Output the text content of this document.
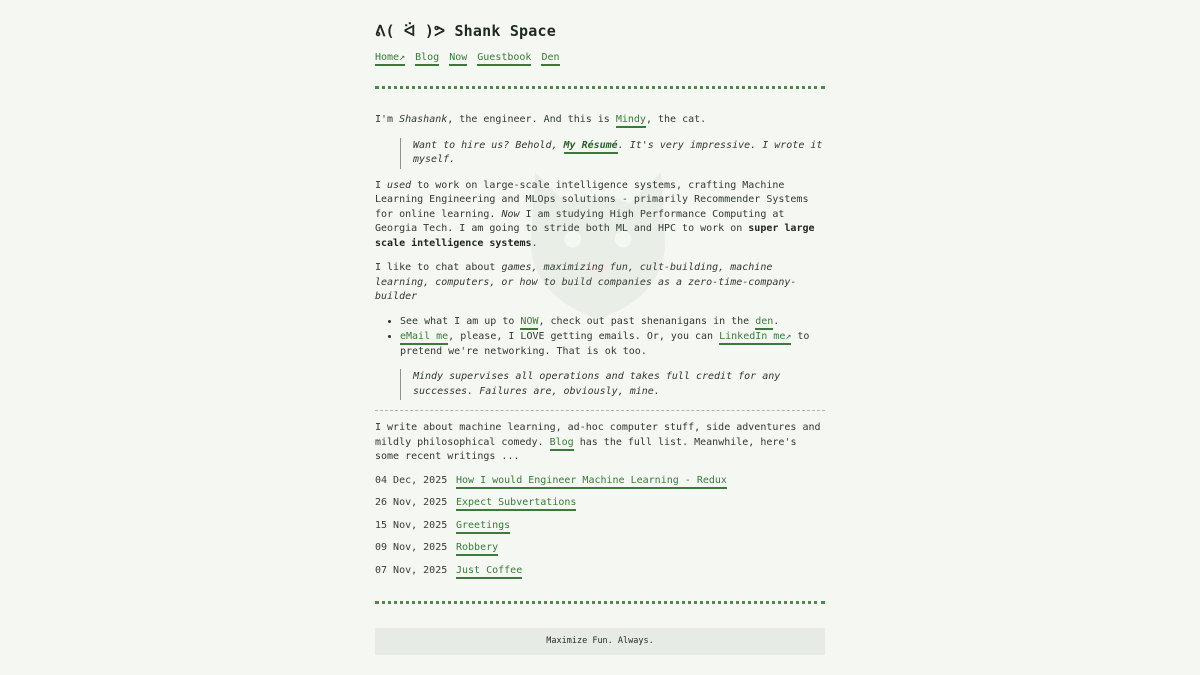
ᕕ( ᐛ )ᕗ Shank Space
Home↗ Blog Now Guestbook Den

I'm Shashank, the engineer. And this is Mindy, the cat.

Want to hire us? Behold, My Résumé. It's very impressive. I wrote it myself.

I used to work on large-scale intelligence systems, crafting Machine Learning Engineering and MLOps solutions - primarily Recommender Systems for online learning. Now I am studying High Performance Computing at Georgia Tech. I am going to stride both ML and HPC to work on super large scale intelligence systems.

I like to chat about games, maximizing fun, cult-building, machine learning, computers, or how to build companies as a zero-time-company-builder

• See what I am up to NOW, check out past shenanigans in the den.
• eMail me, please, I LOVE getting emails. Or, you can LinkedIn me↗ to pretend we're networking. That is ok too.
Mindy supervises all operations and takes full credit for any successes. Failures are, obviously, mine.

I write about machine learning, ad-hoc computer stuff, side adventures and mildly philosophical comedy. Blog has the full list. Meanwhile, here's some recent writings ...

04 Dec, 2025 How I would Engineer Machine Learning - Redux
26 Nov, 2025 Expect Subvertations
15 Nov, 2025 Greetings
09 Nov, 2025 Robbery
07 Nov, 2025 Just Coffee
Maximize Fun. Always.
